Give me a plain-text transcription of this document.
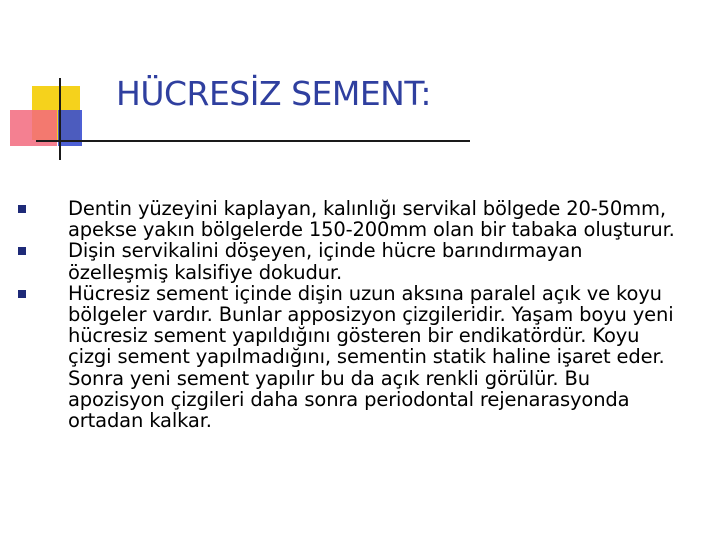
HÜCRESİZ SEMENT:
Dentin yüzeyini kaplayan, kalınlığı servikal bölgede 20-50mm, apekse yakın bölgelerde 150-200mm olan bir tabaka oluşturur.
Dişin servikalini döşeyen, içinde hücre barındırmayan özelleşmiş kalsifiye dokudur.
Hücresiz sement içinde dişin uzun aksına paralel açık ve koyu bölgeler vardır. Bunlar apposizyon çizgileridir. Yaşam boyu yeni hücresiz sement yapıldığını gösteren bir endikatördür. Koyu çizgi sement yapılmadığını, sementin statik haline işaret eder. Sonra yeni sement yapılır bu da açık renkli görülür. Bu apozisyon çizgileri daha sonra periodontal rejenarasyonda ortadan kalkar.
